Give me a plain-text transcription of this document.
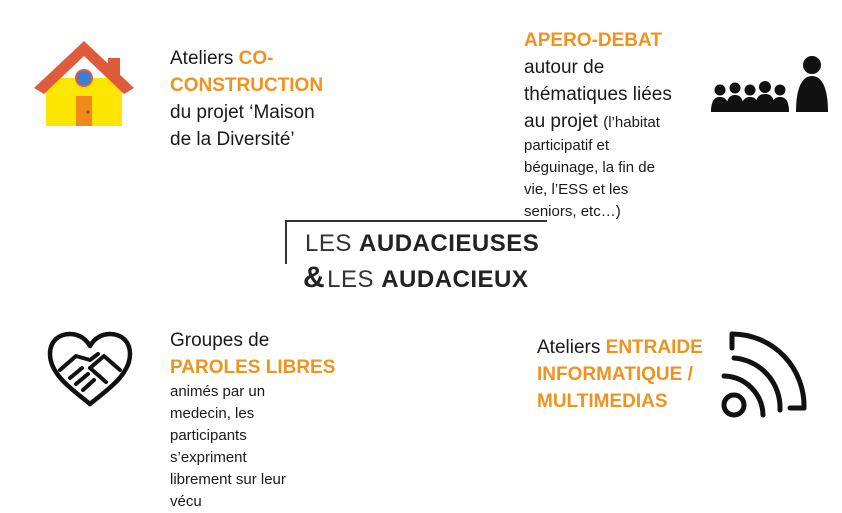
Ateliers CO-
CONSTRUCTION
du projet ‘Maison
de la Diversité’
APERO-DEBAT
autour de
thématiques liées
au projet (l’habitat
participatif et
béguinage, la fin de
vie, l’ESS et les
seniors, etc…)
LES AUDACIEUSES
&LES AUDACIEUX
Groupes de
PAROLES LIBRES
animés par un
medecin, les
participants
s’expriment
librement sur leur
vécu
Ateliers ENTRAIDE
INFORMATIQUE /
MULTIMEDIAS
